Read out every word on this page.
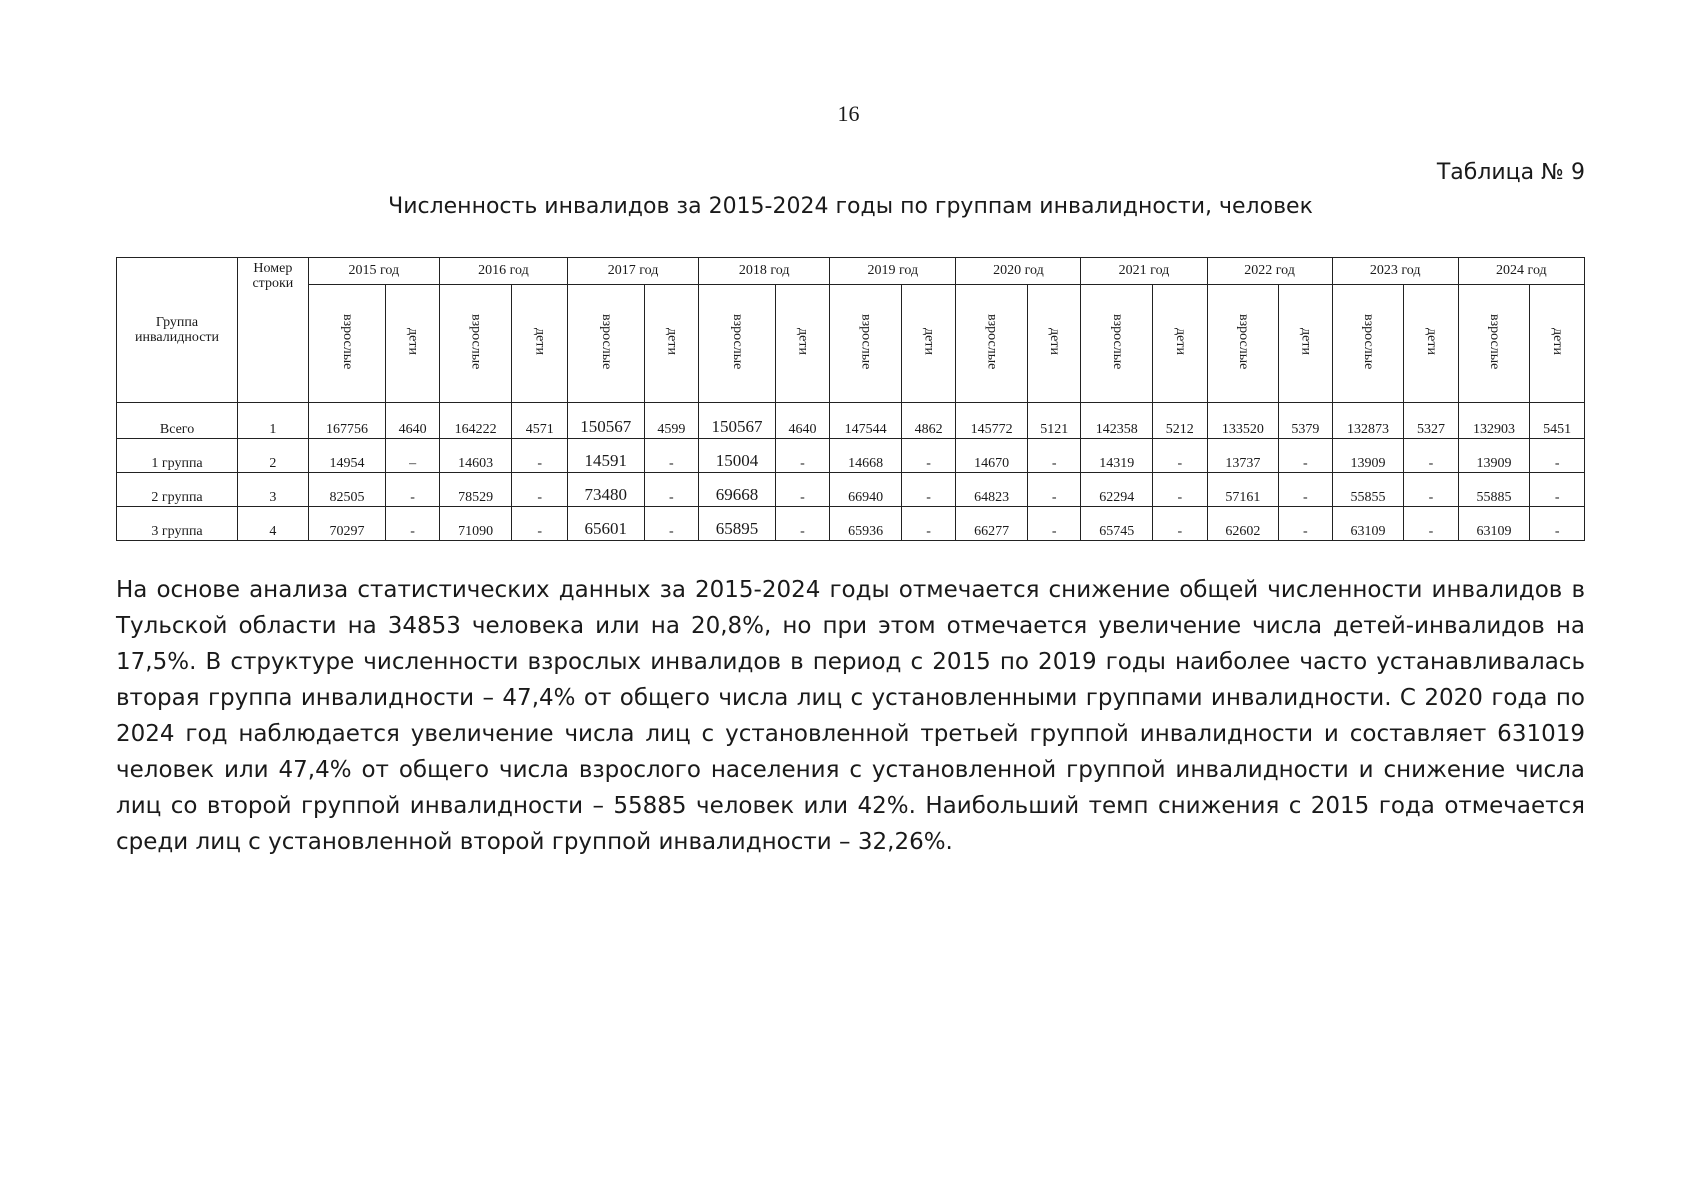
16
Таблица № 9
Численность инвалидов за 2015-2024 годы по группам инвалидности, человек
Группа инвалидности	Номер строки	2015 год		2016 год		2017 год		2018 год		2019 год		2020 год		2021 год		2022 год		2023 год		2024 год	
		взрослые	дети	взрослые	дети	взрослые	дети	взрослые	дети	взрослые	дети	взрослые	дети	взрослые	дети	взрослые	дети	взрослые	дети	взрослые	дети
Всего	1	167756	4640	164222	4571	150567	4599	150567	4640	147544	4862	145772	5121	142358	5212	133520	5379	132873	5327	132903	5451
1 группа	2	14954	–	14603	-	14591	-	15004	-	14668	-	14670	-	14319	-	13737	-	13909	-	13909	-
2 группа	3	82505	-	78529	-	73480	-	69668	-	66940	-	64823	-	62294	-	57161	-	55855	-	55885	-
3 группа	4	70297	-	71090	-	65601	-	65895	-	65936	-	66277	-	65745	-	62602	-	63109	-	63109	-

На основе анализа статистических данных за 2015-2024 годы отмечается снижение общей численности инвалидов в Тульской области на 34853 человека или на 20,8%, но при этом отмечается увеличение числа детей-инвалидов на 17,5%. В структуре численности взрослых инвалидов в период с 2015 по 2019 годы наиболее часто устанавливалась вторая группа инвалидности – 47,4% от общего числа лиц с установленными группами инвалидности. С 2020 года по 2024 год наблюдается увеличение числа лиц с установленной третьей группой инвалидности и составляет 631019 человек или 47,4% от общего числа взрослого населения с установленной группой инвалидности и снижение числа лиц со второй группой инвалидности – 55885 человек или 42%. Наибольший темп снижения с 2015 года отмечается среди лиц с установленной второй группой инвалидности – 32,26%.
